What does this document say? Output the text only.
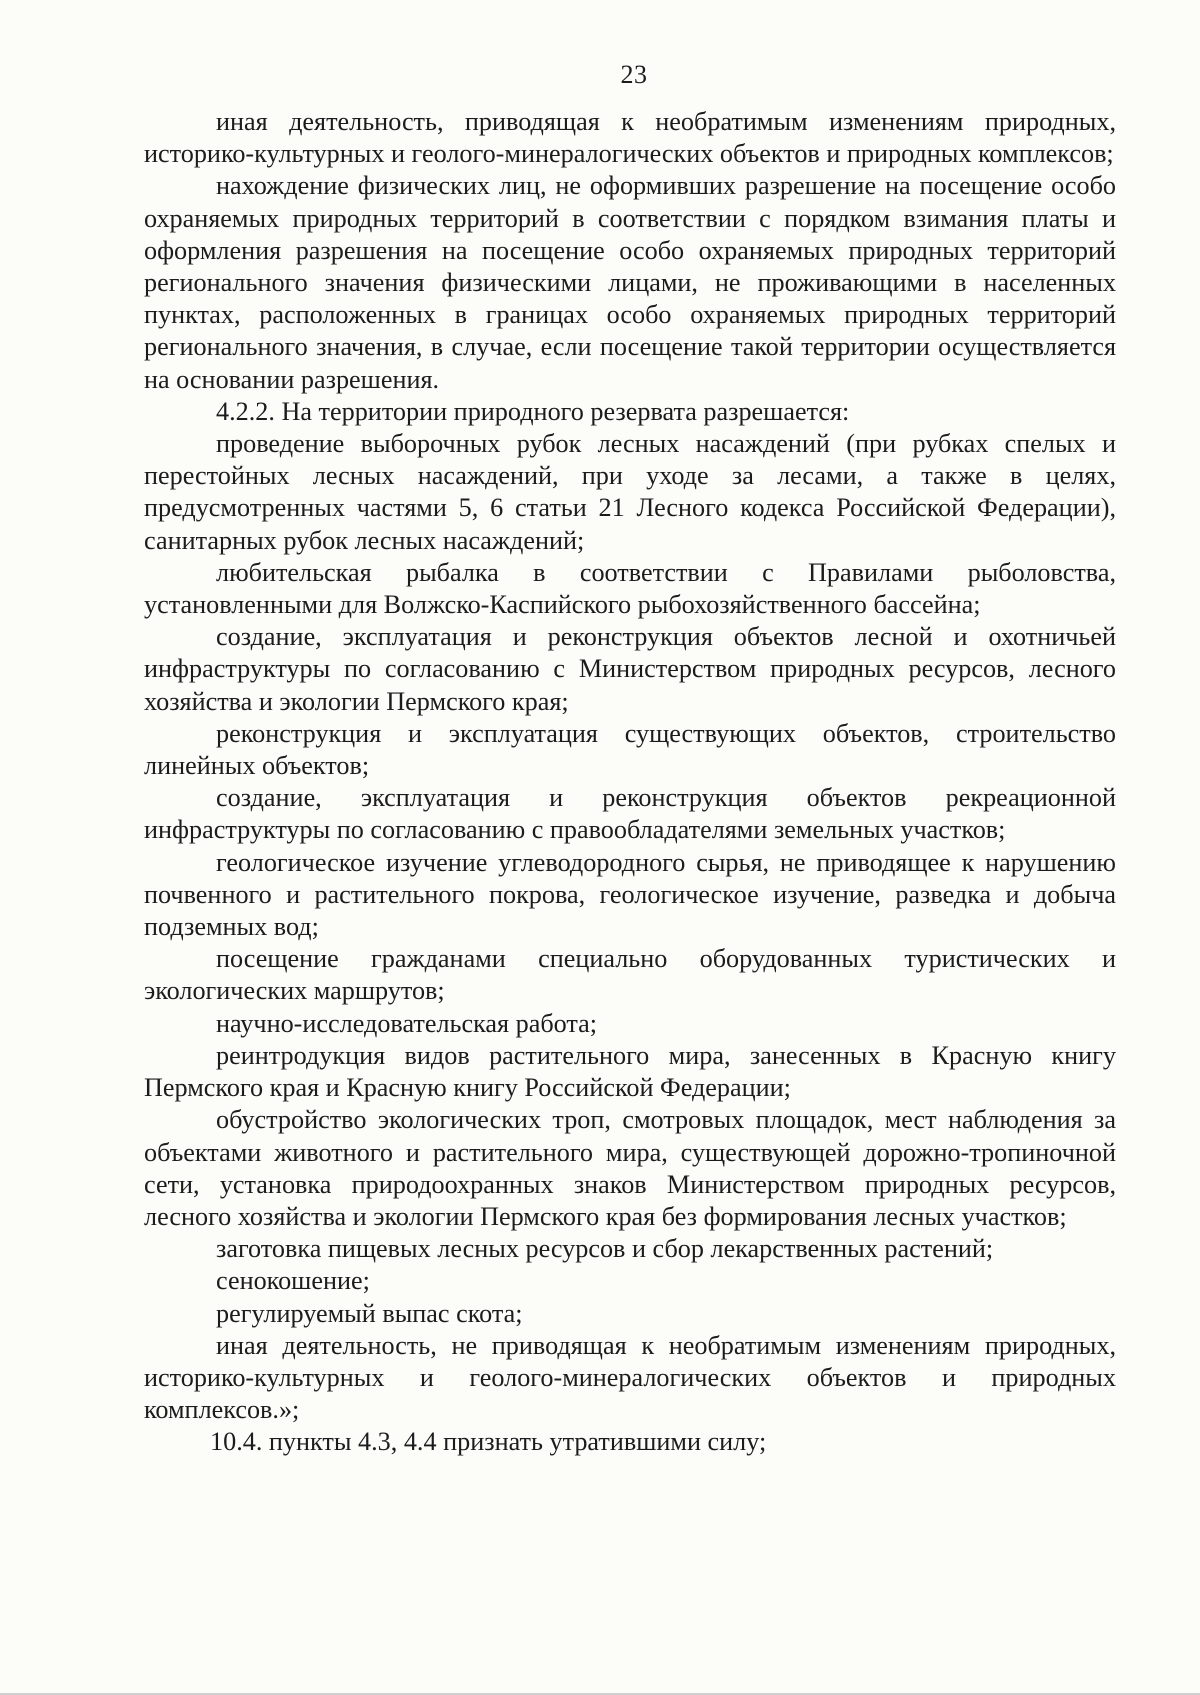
23

иная деятельность, приводящая к необратимым изменениям природных, историко-культурных и геолого-минералогических объектов и природных комплексов;

нахождение физических лиц, не оформивших разрешение на посещение особо охраняемых природных территорий в соответствии с порядком взимания платы и оформления разрешения на посещение особо охраняемых природных территорий регионального значения физическими лицами, не проживающими в населенных пунктах, расположенных в границах особо охраняемых природных территорий регионального значения, в случае, если посещение такой территории осуществляется на основании разрешения.

4.2.2. На территории природного резервата разрешается:

проведение выборочных рубок лесных насаждений (при рубках спелых и перестойных лесных насаждений, при уходе за лесами, а также в целях, предусмотренных частями 5, 6 статьи 21 Лесного кодекса Российской Федерации), санитарных рубок лесных насаждений;

любительская рыбалка в соответствии с Правилами рыболовства, установленными для Волжско-Каспийского рыбохозяйственного бассейна;

создание, эксплуатация и реконструкция объектов лесной и охотничьей инфраструктуры по согласованию с Министерством природных ресурсов, лесного хозяйства и экологии Пермского края;

реконструкция и эксплуатация существующих объектов, строительство линейных объектов;

создание, эксплуатация и реконструкция объектов рекреационной инфраструктуры по согласованию с правообладателями земельных участков;

геологическое изучение углеводородного сырья, не приводящее к нарушению почвенного и растительного покрова, геологическое изучение, разведка и добыча подземных вод;

посещение гражданами специально оборудованных туристических и экологических маршрутов;

научно-исследовательская работа;

реинтродукция видов растительного мира, занесенных в Красную книгу Пермского края и Красную книгу Российской Федерации;

обустройство экологических троп, смотровых площадок, мест наблюдения за объектами животного и растительного мира, существующей дорожно-тропиночной сети, установка природоохранных знаков Министерством природных ресурсов, лесного хозяйства и экологии Пермского края без формирования лесных участков;

заготовка пищевых лесных ресурсов и сбор лекарственных растений;

сенокошение;

регулируемый выпас скота;

иная деятельность, не приводящая к необратимым изменениям природных, историко-культурных и геолого-минералогических объектов и природных комплексов.»;

10.4. пункты 4.3, 4.4 признать утратившими силу;
